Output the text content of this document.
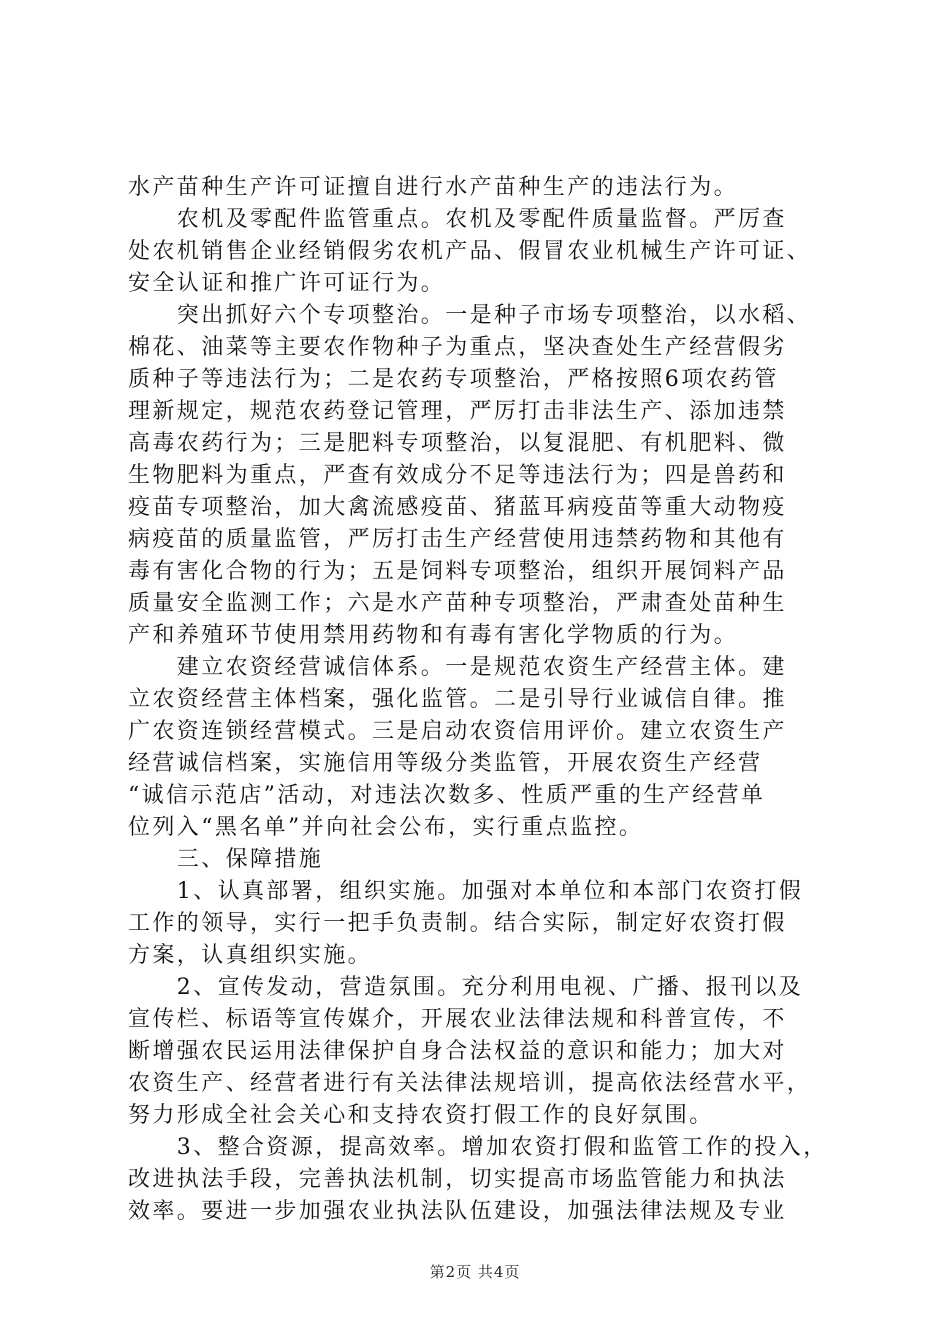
水产苗种生产许可证擅自进行水产苗种生产的违法行为。
　　农机及零配件监管重点。农机及零配件质量监督。严厉查
处农机销售企业经销假劣农机产品、假冒农业机械生产许可证、
安全认证和推广许可证行为。
　　突出抓好六个专项整治。一是种子市场专项整治，以水稻、
棉花、油菜等主要农作物种子为重点，坚决查处生产经营假劣
质种子等违法行为；二是农药专项整治，严格按照6项农药管
理新规定，规范农药登记管理，严厉打击非法生产、添加违禁
高毒农药行为；三是肥料专项整治，以复混肥、有机肥料、微
生物肥料为重点，严查有效成分不足等违法行为；四是兽药和
疫苗专项整治，加大禽流感疫苗、猪蓝耳病疫苗等重大动物疫
病疫苗的质量监管，严厉打击生产经营使用违禁药物和其他有
毒有害化合物的行为；五是饲料专项整治，组织开展饲料产品
质量安全监测工作；六是水产苗种专项整治，严肃查处苗种生
产和养殖环节使用禁用药物和有毒有害化学物质的行为。
　　建立农资经营诚信体系。一是规范农资生产经营主体。建
立农资经营主体档案，强化监管。二是引导行业诚信自律。推
广农资连锁经营模式。三是启动农资信用评价。建立农资生产
经营诚信档案，实施信用等级分类监管，开展农资生产经营
“诚信示范店”活动，对违法次数多、性质严重的生产经营单
位列入“黑名单”并向社会公布，实行重点监控。
　　三、保障措施
　　1、认真部署，组织实施。加强对本单位和本部门农资打假
工作的领导，实行一把手负责制。结合实际，制定好农资打假
方案，认真组织实施。
　　2、宣传发动，营造氛围。充分利用电视、广播、报刊以及
宣传栏、标语等宣传媒介，开展农业法律法规和科普宣传，不
断增强农民运用法律保护自身合法权益的意识和能力；加大对
农资生产、经营者进行有关法律法规培训，提高依法经营水平，
努力形成全社会关心和支持农资打假工作的良好氛围。
　　3、整合资源，提高效率。增加农资打假和监管工作的投入，
改进执法手段，完善执法机制，切实提高市场监管能力和执法
效率。要进一步加强农业执法队伍建设，加强法律法规及专业
第2页 共4页
